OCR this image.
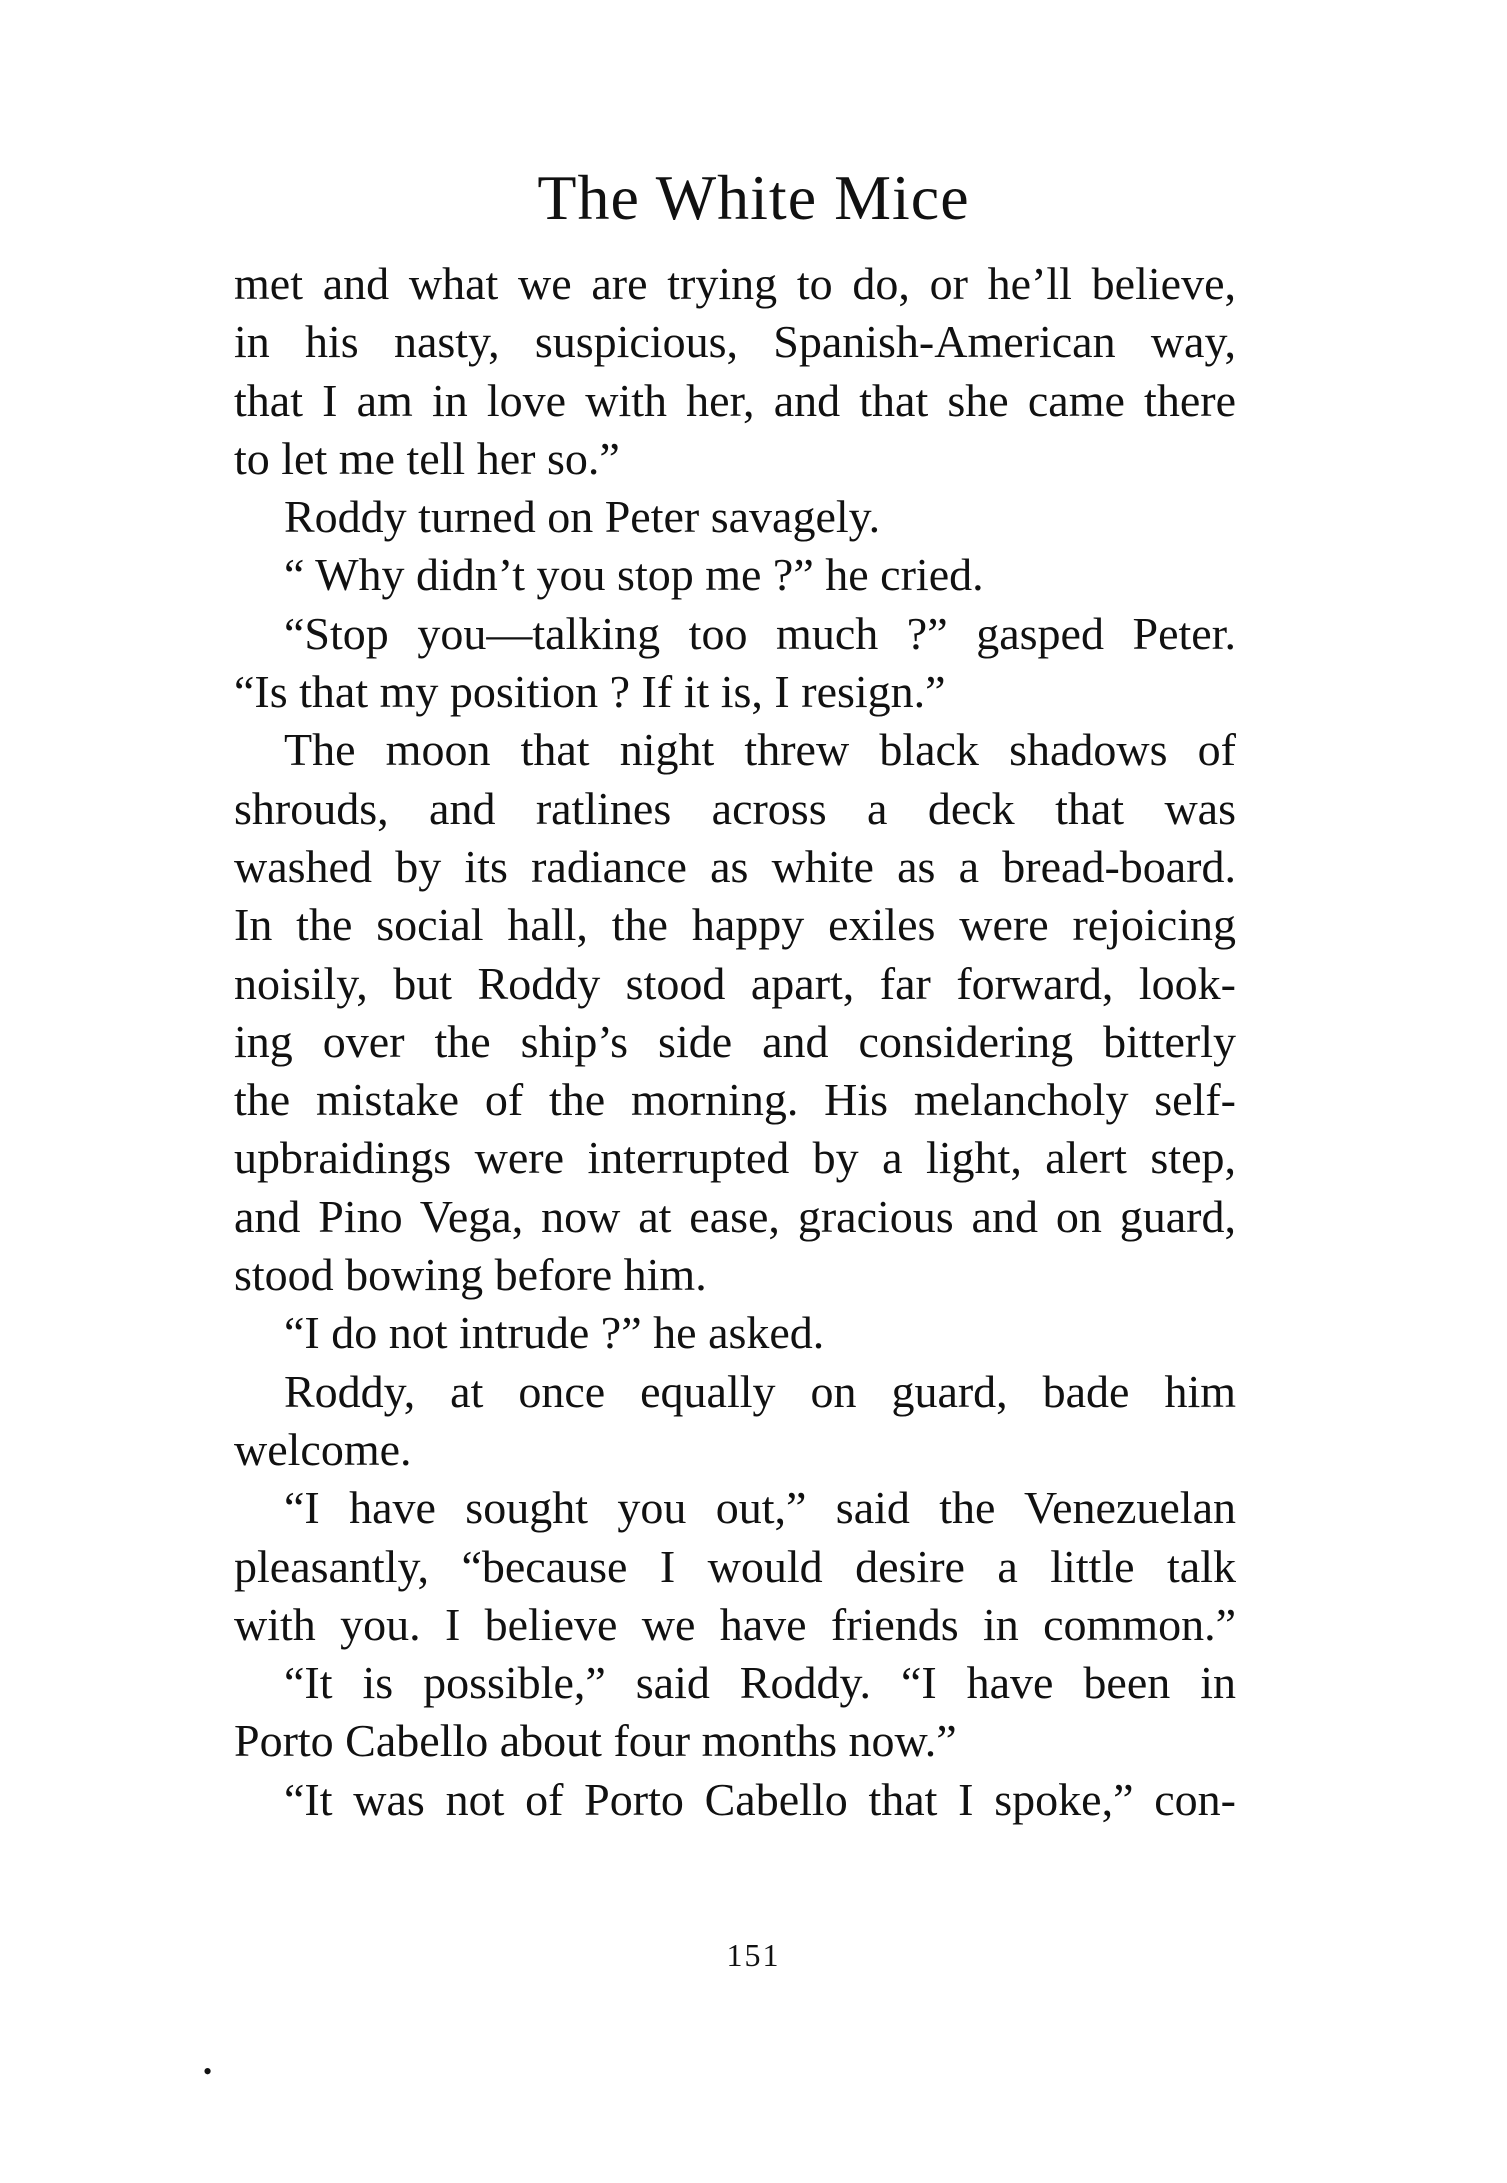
The White Mice
met and what we are trying to do, or he’ll believe,
in his nasty, suspicious, Spanish-American way,
that I am in love with her, and that she came there
to let me tell her so.”
Roddy turned on Peter savagely.
“ Why didn’t you stop me ?” he cried.
“Stop you—talking too much ?” gasped Peter.
“Is that my position ? If it is, I resign.”
The moon that night threw black shadows of
shrouds, and ratlines across a deck that was
washed by its radiance as white as a bread-board.
In the social hall, the happy exiles were rejoicing
noisily, but Roddy stood apart, far forward, look-
ing over the ship’s side and considering bitterly
the mistake of the morning. His melancholy self-
upbraidings were interrupted by a light, alert step,
and Pino Vega, now at ease, gracious and on guard,
stood bowing before him.
“I do not intrude ?” he asked.
Roddy, at once equally on guard, bade him
welcome.
“I have sought you out,” said the Venezuelan
pleasantly, “because I would desire a little talk
with you. I believe we have friends in common.”
“It is possible,” said Roddy. “I have been in
Porto Cabello about four months now.”
“It was not of Porto Cabello that I spoke,” con-
151
•
